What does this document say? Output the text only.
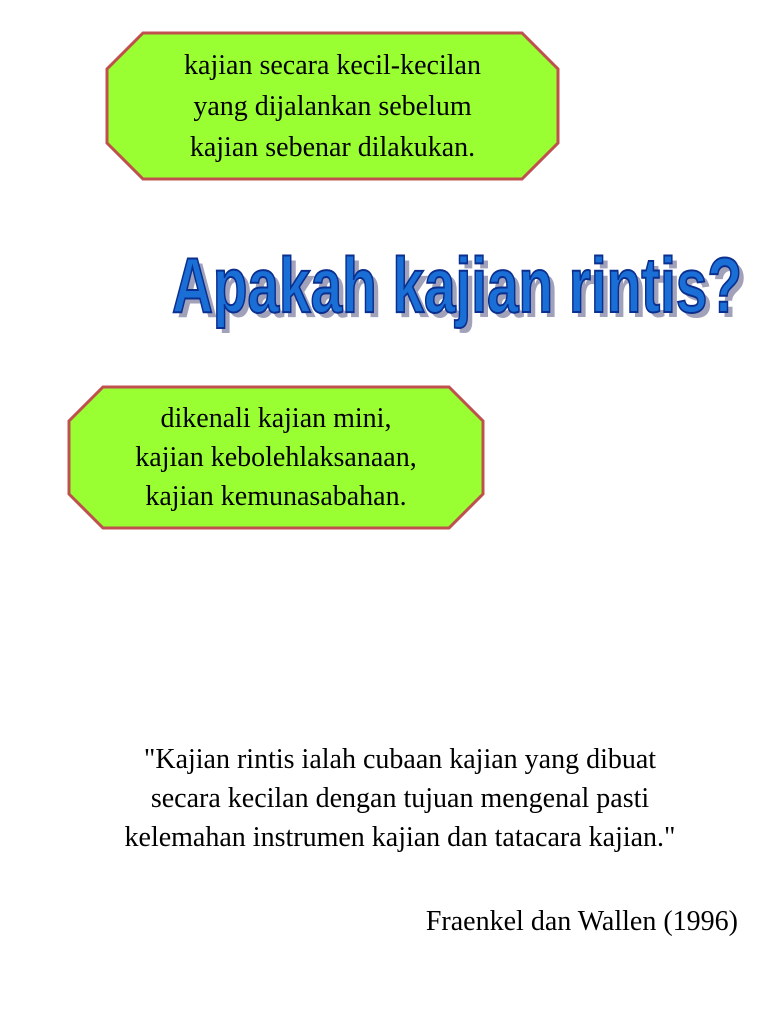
kajian secara kecil-kecilan
yang dijalankan sebelum
kajian sebenar dilakukan.
Apakah kajian rintis?
Apakah kajian rintis?
dikenali kajian mini,
kajian kebolehlaksanaan,
kajian kemunasabahan.
"Kajian rintis ialah cubaan kajian yang dibuat
secara kecilan dengan tujuan mengenal pasti
kelemahan instrumen kajian dan tatacara kajian."
Fraenkel dan Wallen (1996)
